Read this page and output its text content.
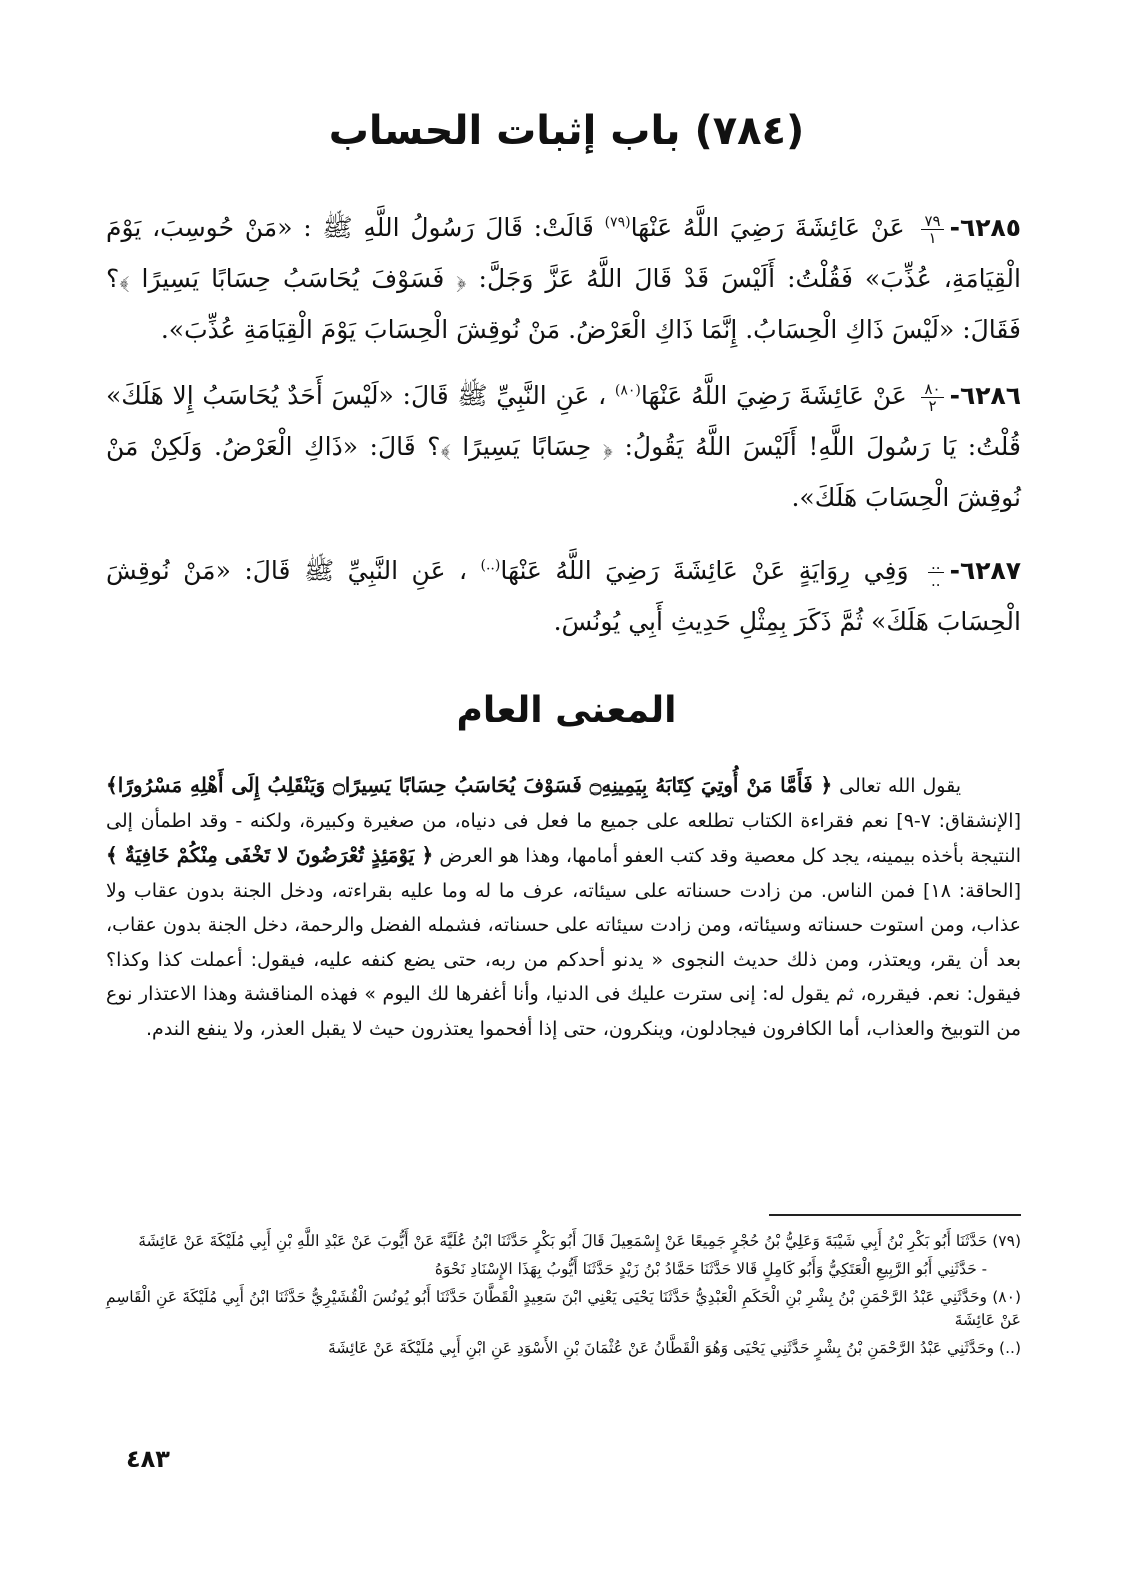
(٧٨٤) باب إثبات الحساب

٦٢٨٥-
$\frac{٧٩}{١}$
عَنْ عَائِشَةَ رَضِيَ اللَّهُ عَنْهَا$^{(٧٩)}$ قَالَتْ: قَالَ رَسُولُ اللَّهِ ﷺ : «مَنْ حُوسِبَ، يَوْمَ الْقِيَامَةِ، عُذِّبَ» فَقُلْتُ: أَلَيْسَ قَدْ قَالَ اللَّهُ عَزَّ وَجَلَّ: ﴿ فَسَوْفَ يُحَاسَبُ حِسَابًا يَسِيرًا ﴾؟ فَقَالَ: «لَيْسَ ذَاكِ الْحِسَابُ. إِنَّمَا ذَاكِ الْعَرْضُ. مَنْ نُوقِشَ الْحِسَابَ يَوْمَ الْقِيَامَةِ عُذِّبَ».

٦٢٨٦-
$\frac{٨٠}{٢}$
عَنْ عَائِشَةَ رَضِيَ اللَّهُ عَنْهَا$^{(٨٠)}$ ، عَنِ النَّبِيِّ ﷺ قَالَ: «لَيْسَ أَحَدٌ يُحَاسَبُ إِلا هَلَكَ» قُلْتُ: يَا رَسُولَ اللَّهِ! أَلَيْسَ اللَّهُ يَقُولُ: ﴿ حِسَابًا يَسِيرًا ﴾؟ قَالَ: «ذَاكِ الْعَرْضُ. وَلَكِنْ مَنْ نُوقِشَ الْحِسَابَ هَلَكَ».

٦٢٨٧-
$\frac{..}{..}$
وَفِي رِوَايَةٍ عَنْ عَائِشَةَ رَضِيَ اللَّهُ عَنْهَا(..) ، عَنِ النَّبِيِّ ﷺ قَالَ: «مَنْ نُوقِشَ الْحِسَابَ هَلَكَ» ثُمَّ ذَكَرَ بِمِثْلِ حَدِيثِ أَبِي يُونُسَ.

المعنى العام

يقول الله تعالى ﴿ فَأَمَّا مَنْ أُوتِيَ كِتَابَهُ بِيَمِينِهِ۝ فَسَوْفَ يُحَاسَبُ حِسَابًا يَسِيرًا۝ وَيَنْقَلِبُ إِلَى أَهْلِهِ مَسْرُورًا﴾ [الإنشقاق: ٧-٩] نعم فقراءة الكتاب تطلعه على جميع ما فعل فى دنياه، من صغيرة وكبيرة، ولكنه - وقد اطمأن إلى النتيجة بأخذه بيمينه، يجد كل معصية وقد كتب العفو أمامها، وهذا هو العرض ﴿ يَوْمَئِذٍ تُعْرَضُونَ لا تَخْفَى مِنْكُمْ خَافِيَةٌ ﴾ [الحاقة: ١٨] فمن الناس. من زادت حسناته على سيئاته، عرف ما له وما عليه بقراءته، ودخل الجنة بدون عقاب ولا عذاب، ومن استوت حسناته وسيئاته، ومن زادت سيئاته على حسناته، فشمله الفضل والرحمة، دخل الجنة بدون عقاب، بعد أن يقر، ويعتذر، ومن ذلك حديث النجوى « يدنو أحدكم من ربه، حتى يضع كنفه عليه، فيقول: أعملت كذا وكذا؟ فيقول: نعم. فيقرره، ثم يقول له: إنى سترت عليك فى الدنيا، وأنا أغفرها لك اليوم » فهذه المناقشة وهذا الاعتذار نوع من التوبيخ والعذاب، أما الكافرون فيجادلون، وينكرون، حتى إذا أفحموا يعتذرون حيث لا يقبل العذر، ولا ينفع الندم.

(٧٩) حَدَّثَنَا أَبُو بَكْرِ بْنُ أَبِي شَيْبَةَ وَعَلِيُّ بْنُ حُجْرٍ جَمِيعًا عَنْ إِسْمَعِيلَ قَالَ أَبُو بَكْرٍ حَدَّثَنَا ابْنُ عُلَيَّةَ عَنْ أَيُّوبَ عَنْ عَبْدِ اللَّهِ بْنِ أَبِي مُلَيْكَةَ عَنْ عَائِشَةَ

- حَدَّثَنِي أَبُو الرَّبِيعِ الْعَتَكِيُّ وَأَبُو كَامِلٍ قَالا حَدَّثَنَا حَمَّادُ بْنُ زَيْدٍ حَدَّثَنَا أَيُّوبُ بِهَذَا الإِسْنَادِ نَحْوَهُ

(٨٠) وحَدَّثَنِي عَبْدُ الرَّحْمَنِ بْنُ بِشْرِ بْنِ الْحَكَمِ الْعَبْدِيُّ حَدَّثَنَا يَحْيَى يَعْنِي ابْنَ سَعِيدٍ الْقَطَّانَ حَدَّثَنَا أَبُو يُونُسَ الْقُشَيْرِيُّ حَدَّثَنَا ابْنُ أَبِي مُلَيْكَةَ عَنِ الْقَاسِمِ عَنْ عَائِشَةَ

(..) وحَدَّثَنِي عَبْدُ الرَّحْمَنِ بْنُ بِشْرٍ حَدَّثَنِي يَحْيَى وَهُوَ الْقَطَّانُ عَنْ عُثْمَانَ بْنِ الأَسْوَدِ عَنِ ابْنِ أَبِي مُلَيْكَةَ عَنْ عَائِشَةَ

٤٨٣
